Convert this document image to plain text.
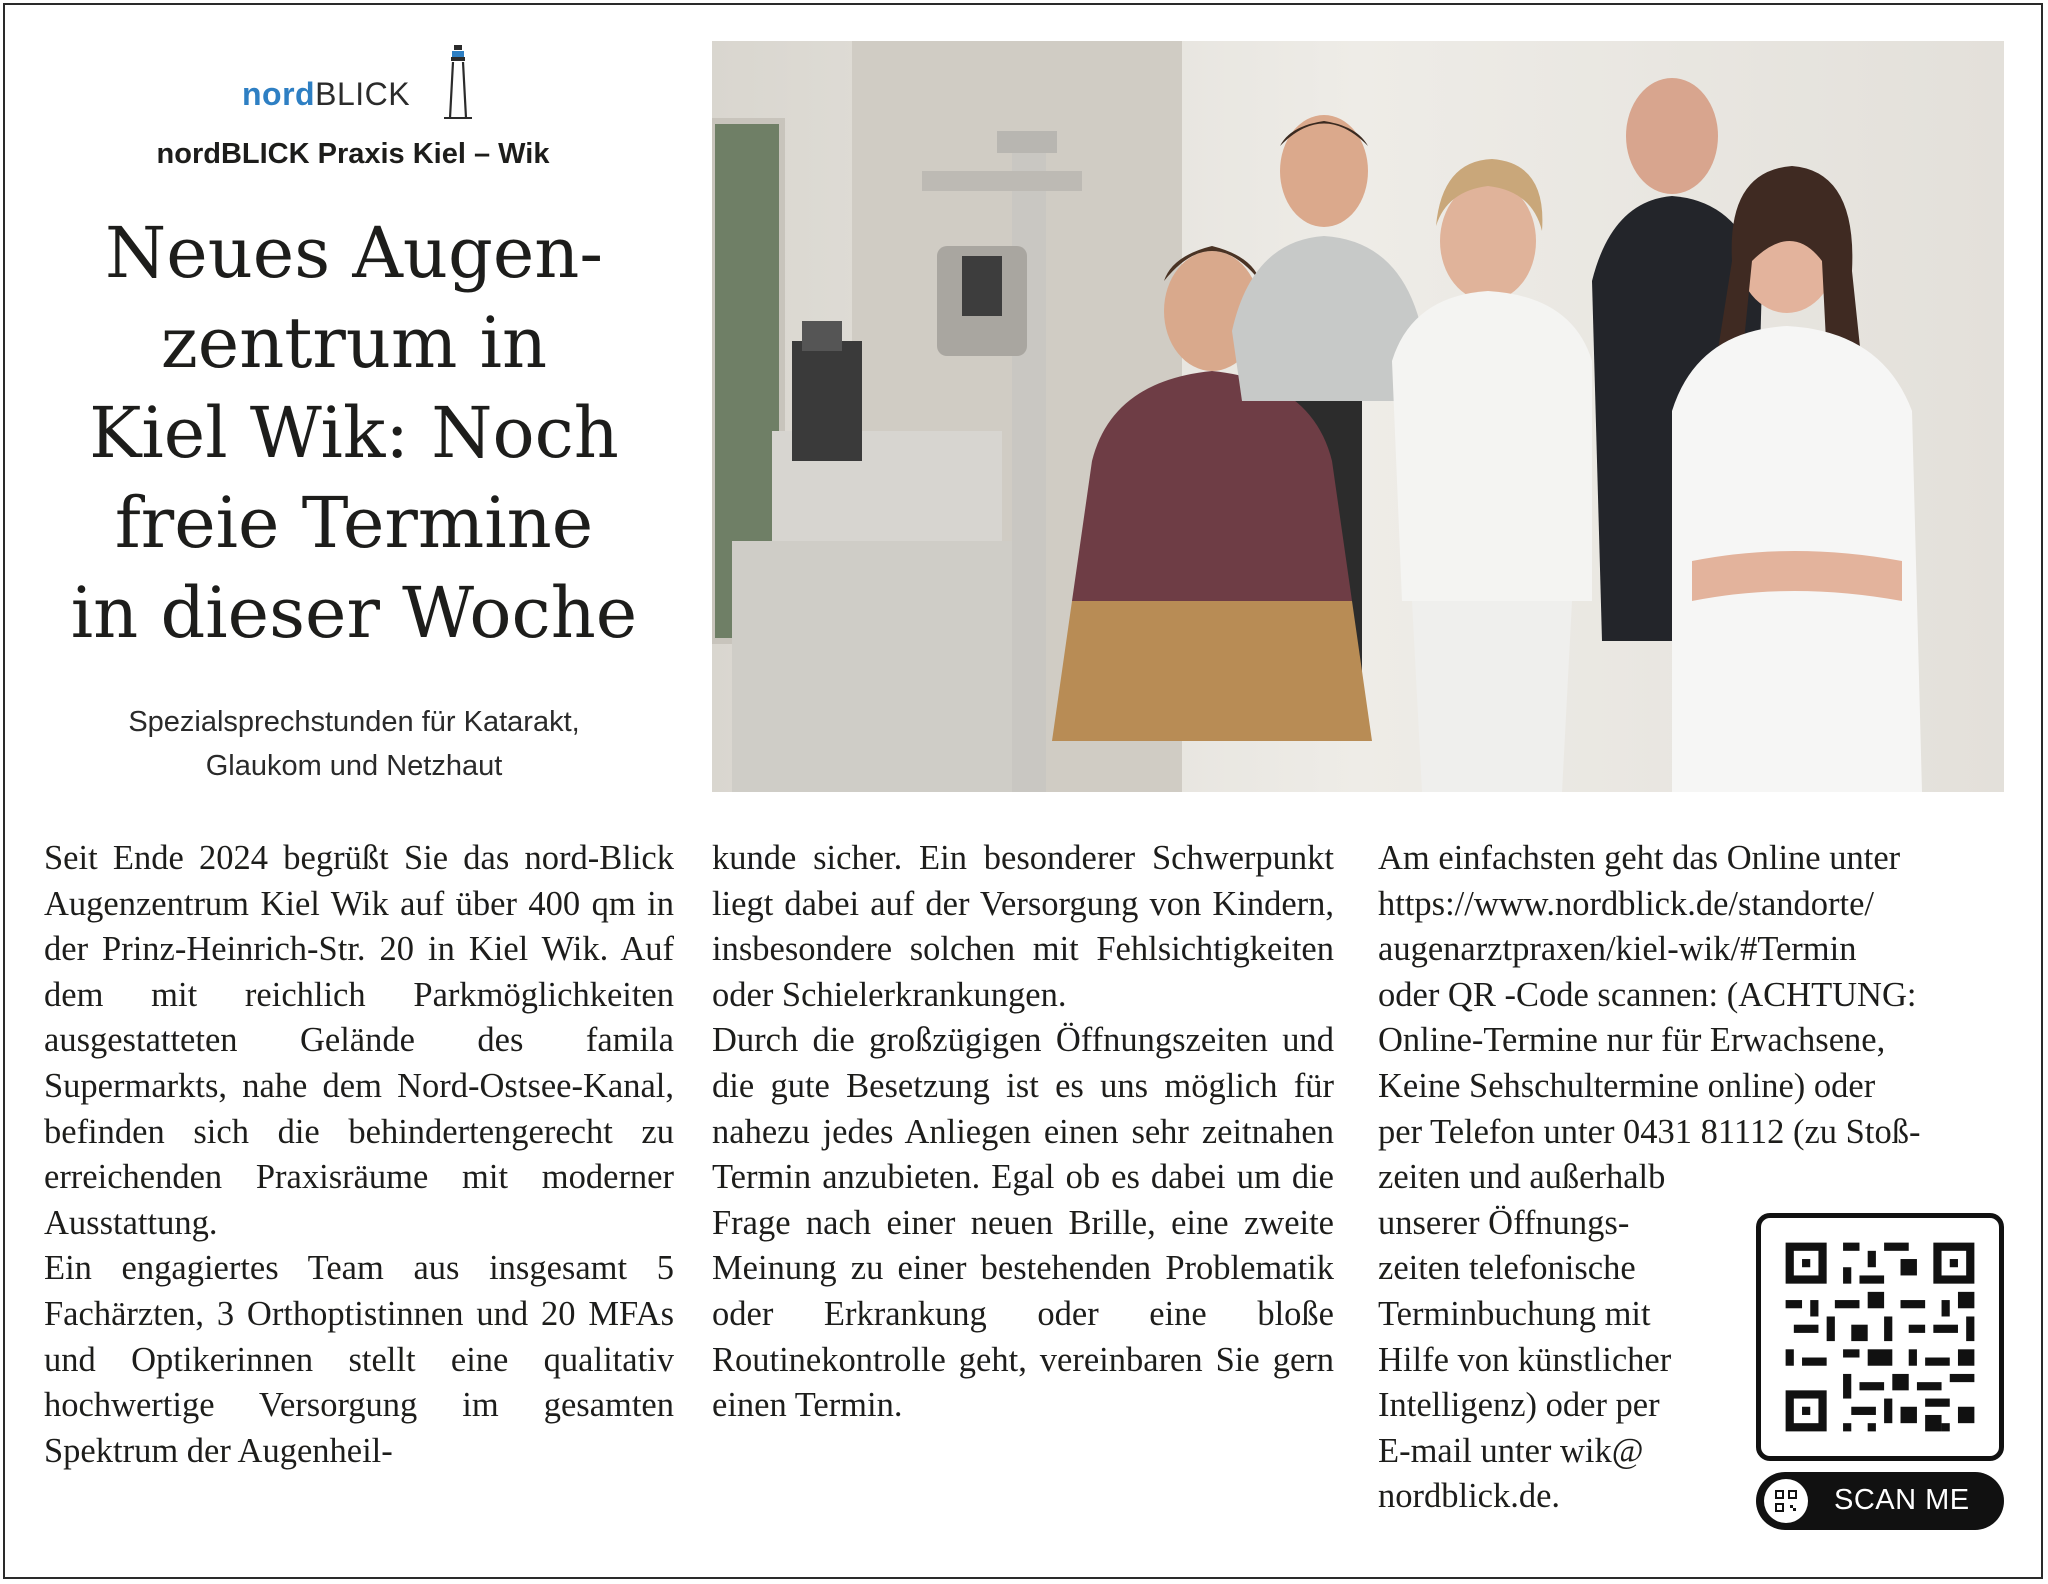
nordBLICK
nordBLICK Praxis Kiel – Wik
Neues Augen-
zentrum in
Kiel Wik: Noch
freie Termine
in dieser Woche
Spezialsprechstunden für Katarakt,
Glaukom und Netzhaut

Seit Ende 2024 begrüßt Sie das nord-Blick Augenzentrum Kiel Wik auf über 400 qm in der Prinz-Heinrich-Str. 20 in Kiel Wik. Auf dem mit reichlich Parkmöglichkeiten ausgestatteten Gelände des famila Supermarkts, nahe dem Nord-Ostsee-Kanal, befinden sich die behindertengerecht zu erreichenden Praxisräume mit moderner Ausstattung.

Ein engagiertes Team aus insgesamt 5 Fachärzten, 3 Orthoptistinnen und 20 MFAs und Optikerinnen stellt eine qualitativ hochwertige Versorgung im gesamten Spektrum der Augenheil-

kunde sicher. Ein besonderer Schwerpunkt liegt dabei auf der Versorgung von Kindern, insbesondere solchen mit Fehlsichtigkeiten oder Schielerkrankungen.

Durch die großzügigen Öffnungszeiten und die gute Besetzung ist es uns möglich für nahezu jedes Anliegen einen sehr zeitnahen Termin anzubieten. Egal ob es dabei um die Frage nach einer neuen Brille, eine zweite Meinung zu einer bestehenden Problematik oder Erkrankung oder eine bloße Routinekontrolle geht, vereinbaren Sie gern einen Termin.

Am einfachsten geht das Online unter
https://www.nordblick.de/standorte/
augenarztpraxen/kiel-wik/#Termin
oder QR -Code scannen: (ACHTUNG:
Online-Termine nur für Erwachsene,
Keine Sehschultermine online) oder
per Telefon unter 0431 81112 (zu Stoß-
zeiten und außerhalb
unserer Öffnungs-
zeiten telefonische
Terminbuchung mit
Hilfe von künstlicher
Intelligenz) oder per
E-mail unter wik@
nordblick.de.	SCAN ME
